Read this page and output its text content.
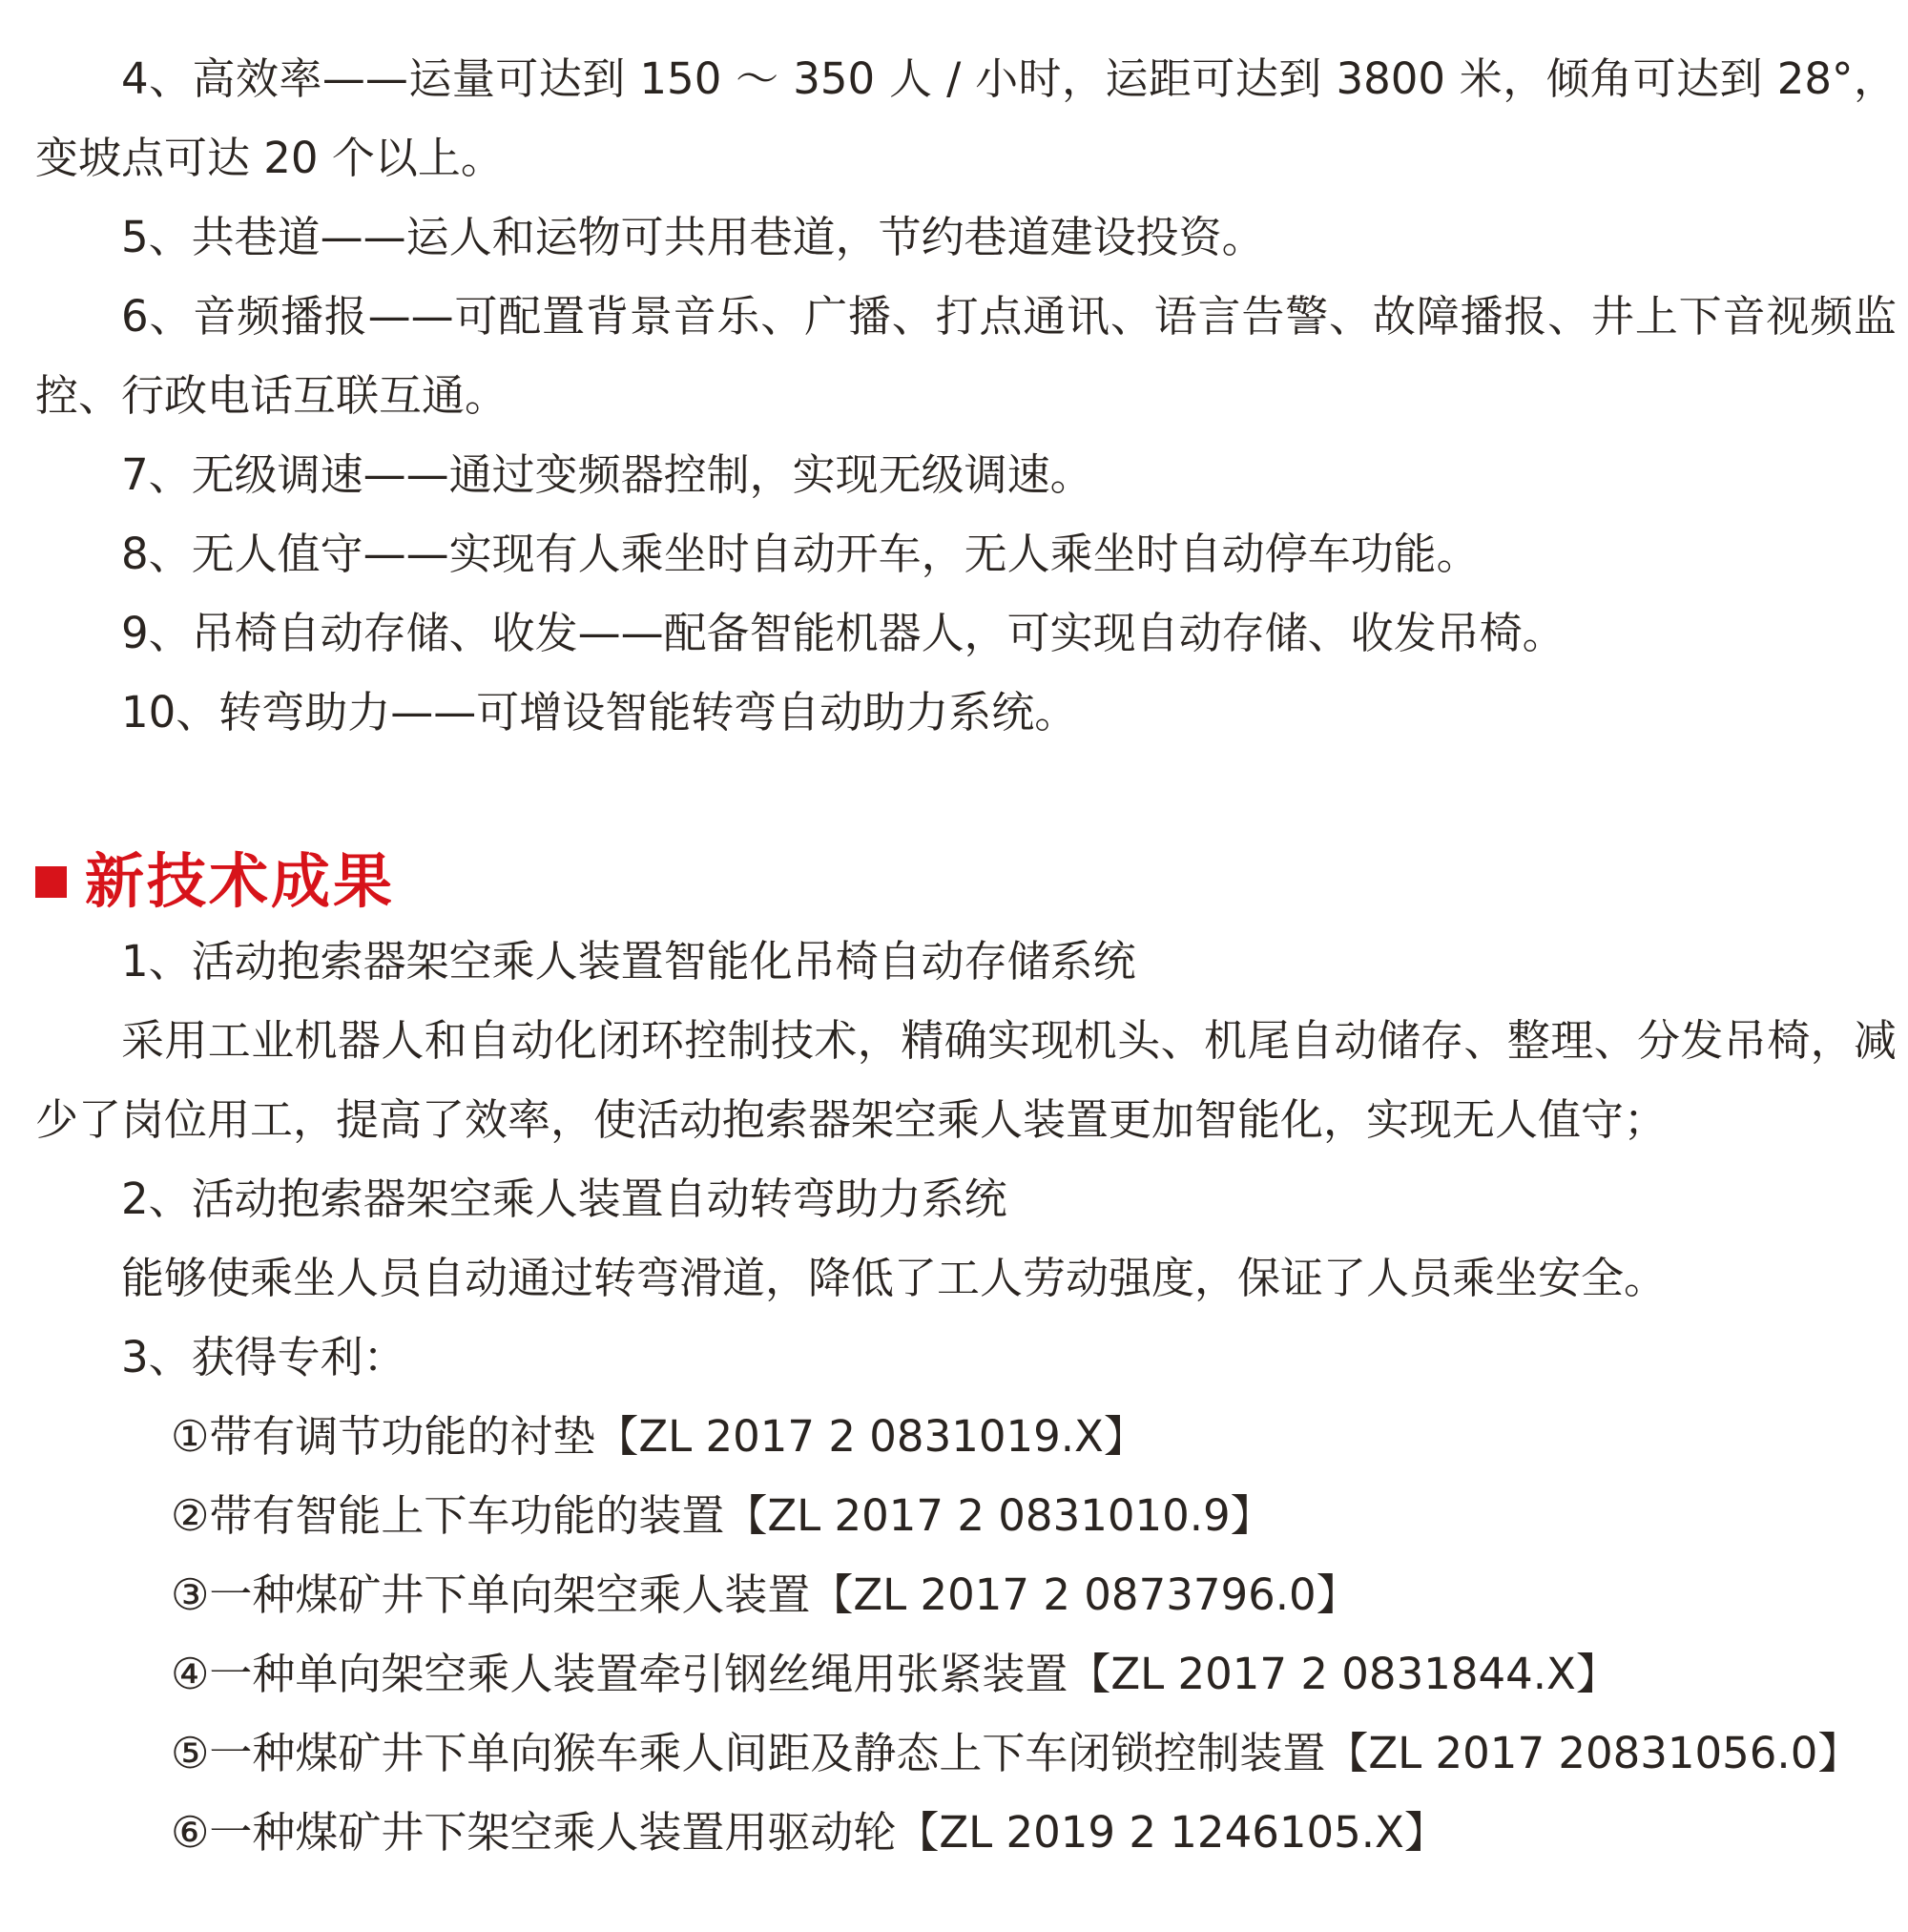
4、高效率——运量可达到 150 ～ 350 人 / 小时，运距可达到 3800 米，倾角可达到 28°，变坡点可达 20 个以上。

5、共巷道——运人和运物可共用巷道，节约巷道建设投资。

6、音频播报——可配置背景音乐、广播、打点通讯、语言告警、故障播报、井上下音视频监控、行政电话互联互通。

7、无级调速——通过变频器控制，实现无级调速。

8、无人值守——实现有人乘坐时自动开车，无人乘坐时自动停车功能。

9、吊椅自动存储、收发——配备智能机器人，可实现自动存储、收发吊椅。

10、转弯助力——可增设智能转弯自动助力系统。

新技术成果

1、活动抱索器架空乘人装置智能化吊椅自动存储系统

采用工业机器人和自动化闭环控制技术，精确实现机头、机尾自动储存、整理、分发吊椅，减少了岗位用工，提高了效率，使活动抱索器架空乘人装置更加智能化，实现无人值守；

2、活动抱索器架空乘人装置自动转弯助力系统

能够使乘坐人员自动通过转弯滑道，降低了工人劳动强度，保证了人员乘坐安全。

3、获得专利：

①带有调节功能的衬垫【ZL 2017 2 0831019.X】

②带有智能上下车功能的装置【ZL 2017 2 0831010.9】

③一种煤矿井下单向架空乘人装置【ZL 2017 2 0873796.0】

④一种单向架空乘人装置牵引钢丝绳用张紧装置【ZL 2017 2 0831844.X】

⑤一种煤矿井下单向猴车乘人间距及静态上下车闭锁控制装置【ZL 2017 20831056.0】

⑥一种煤矿井下架空乘人装置用驱动轮【ZL 2019 2 1246105.X】
